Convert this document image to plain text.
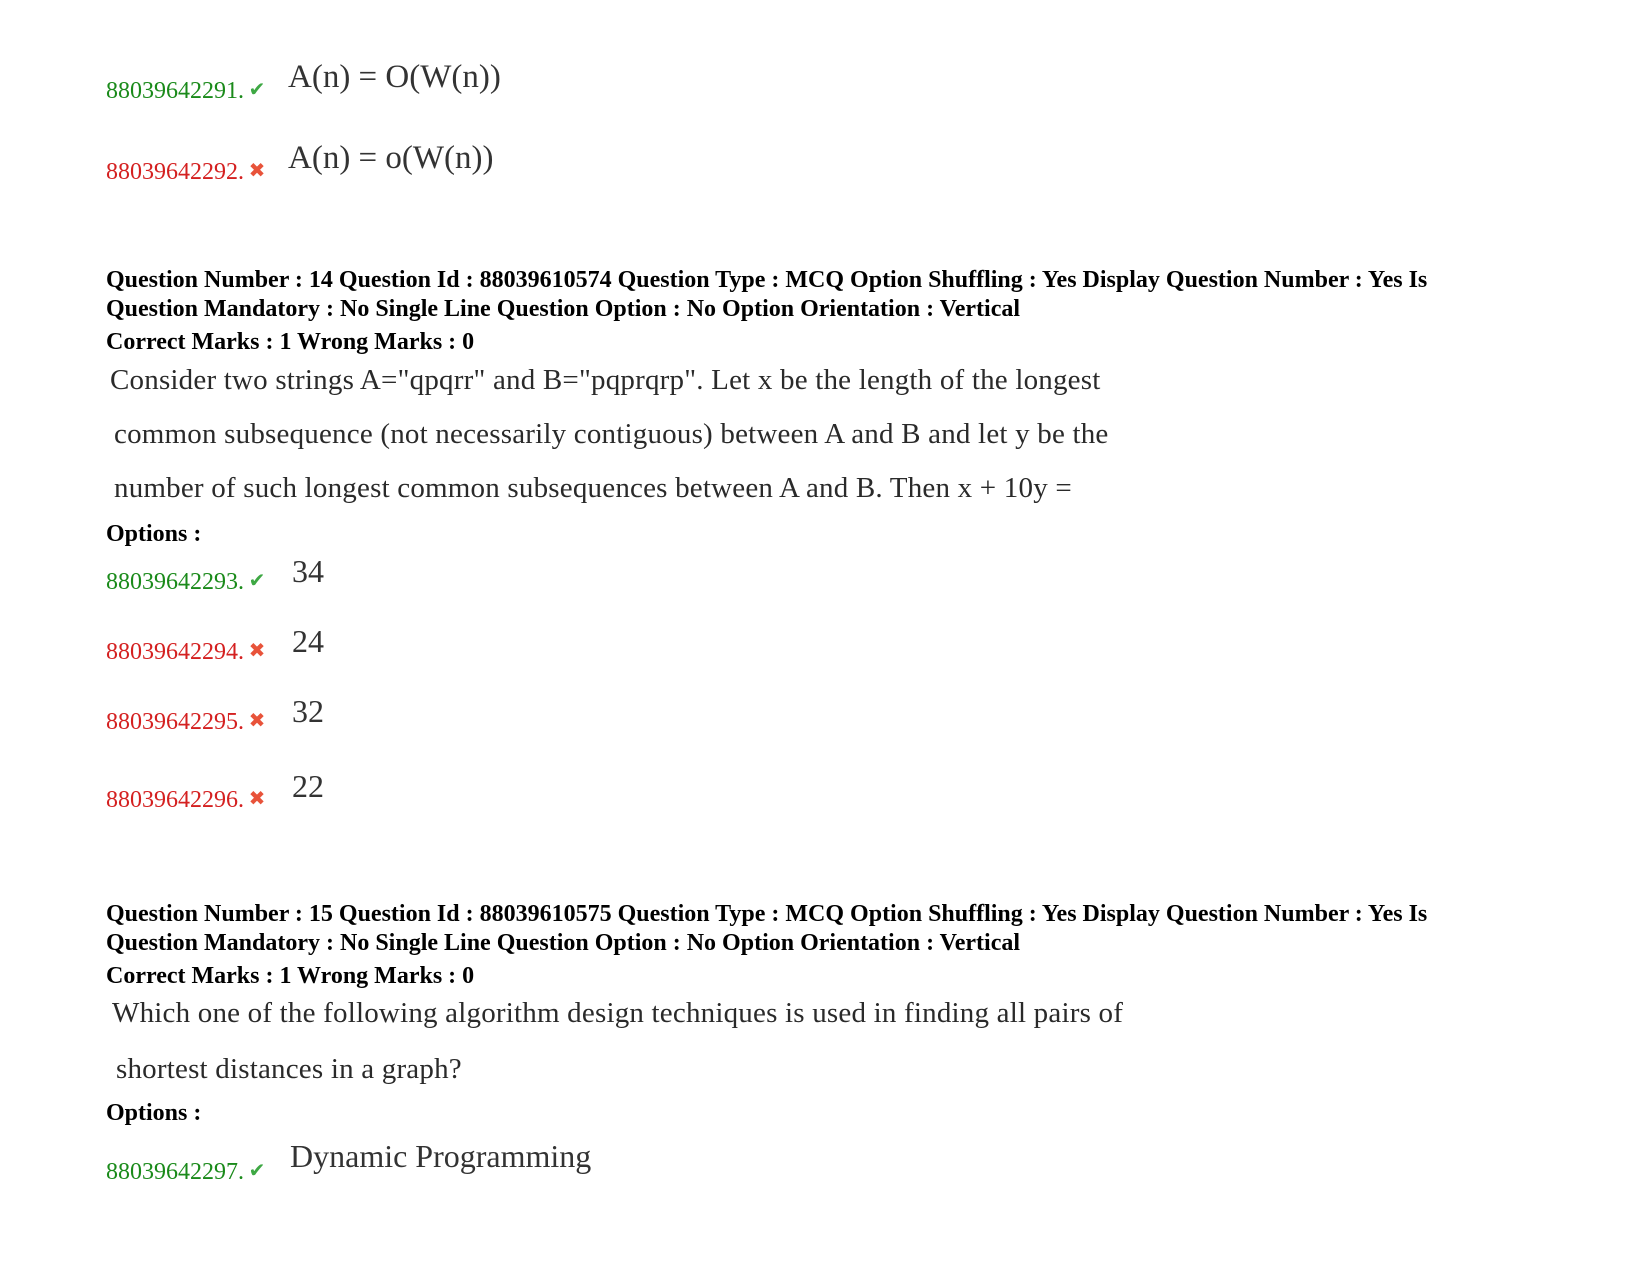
88039642291. ✔ A(n) = O(W(n))
88039642292. ✖ A(n) = o(W(n))
Question Number : 14 Question Id : 88039610574 Question Type : MCQ Option Shuffling : Yes Display Question Number : Yes Is
Question Mandatory : No Single Line Question Option : No Option Orientation : Vertical
Correct Marks : 1 Wrong Marks : 0
Consider two strings A="qpqrr" and B="pqprqrp". Let x be the length of the longest
common subsequence (not necessarily contiguous) between A and B and let y be the
number of such longest common subsequences between A and B. Then x + 10y =
Options :
88039642293. ✔ 34
88039642294. ✖ 24
88039642295. ✖ 32
88039642296. ✖ 22
Question Number : 15 Question Id : 88039610575 Question Type : MCQ Option Shuffling : Yes Display Question Number : Yes Is
Question Mandatory : No Single Line Question Option : No Option Orientation : Vertical
Correct Marks : 1 Wrong Marks : 0
Which one of the following algorithm design techniques is used in finding all pairs of
shortest distances in a graph?
Options :
88039642297. ✔ Dynamic Programming
